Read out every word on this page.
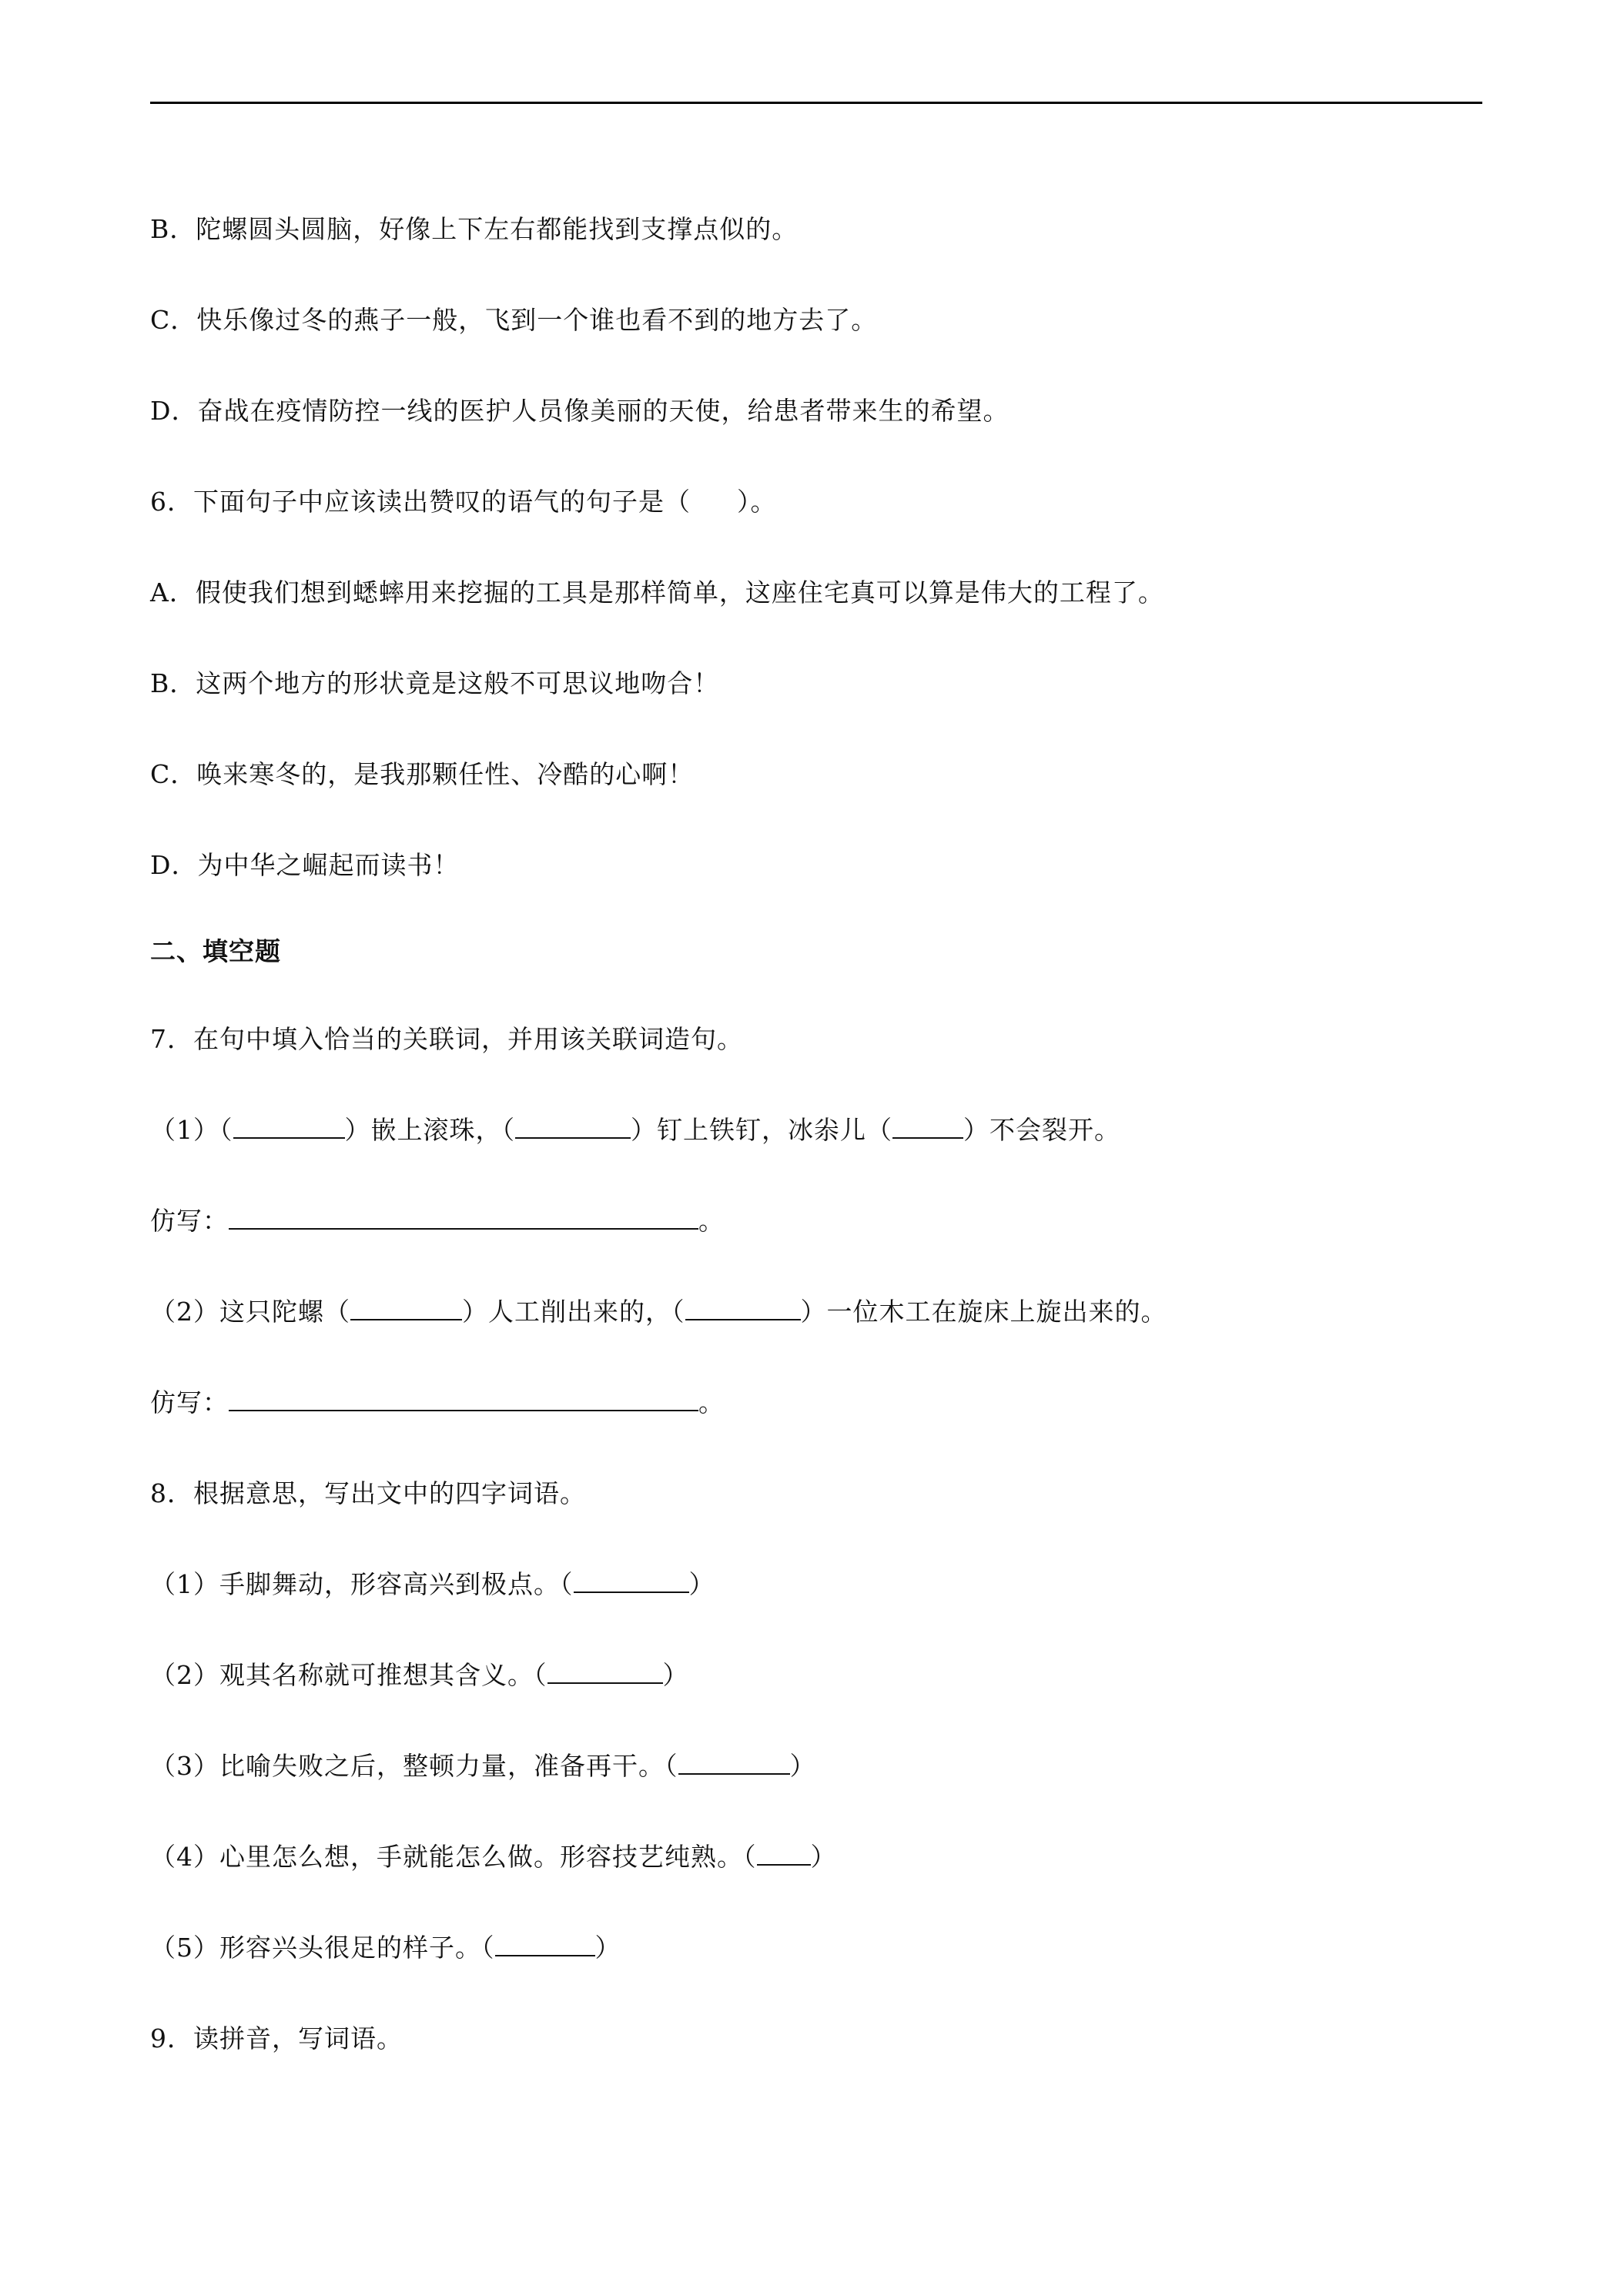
B．陀螺圆头圆脑，好像上下左右都能找到支撑点似的。
C．快乐像过冬的燕子一般，飞到一个谁也看不到的地方去了。
D．奋战在疫情防控一线的医护人员像美丽的天使，给患者带来生的希望。
6．下面句子中应该读出赞叹的语气的句子是（ ）。
A．假使我们想到蟋蟀用来挖掘的工具是那样简单，这座住宅真可以算是伟大的工程了。
B．这两个地方的形状竟是这般不可思议地吻合！
C．唤来寒冬的，是我那颗任性、冷酷的心啊！
D．为中华之崛起而读书！
二、填空题
7．在句中填入恰当的关联词，并用该关联词造句。
（1）（	）嵌上滚珠，（	）钉上铁钉，冰尜儿（	）不会裂开。
仿写：	。
（2）这只陀螺（	）人工削出来的，（	）一位木工在旋床上旋出来的。
仿写：	。
8．根据意思，写出文中的四字词语。
（1）手脚舞动，形容高兴到极点。（	）
（2）观其名称就可推想其含义。（	）
（3）比喻失败之后，整顿力量，准备再干。（	）
（4）心里怎么想，手就能怎么做。形容技艺纯熟。（ ）
（5）形容兴头很足的样子。（	）
9．读拼音，写词语。
